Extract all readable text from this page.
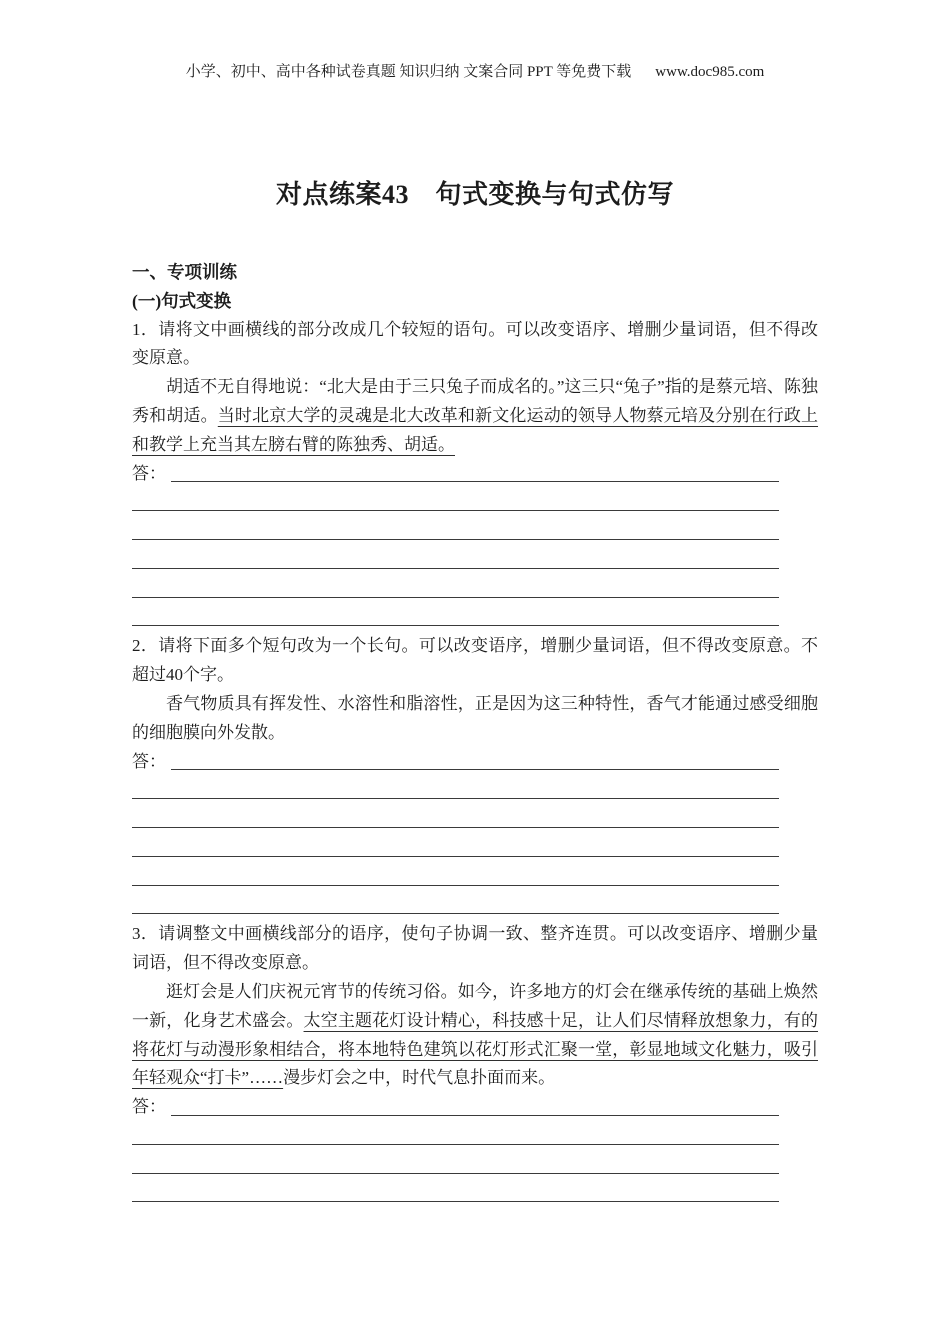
小学、初中、高中各种试卷真题 知识归纳 文案合同 PPT 等免费下载 www.doc985.com
对点练案43　句式变换与句式仿写
一、专项训练
(一)句式变换

1．请将文中画横线的部分改成几个较短的语句。可以改变语序、增删少量词语，但不得改变原意。

胡适不无自得地说：“北大是由于三只兔子而成名的。”这三只“兔子”指的是蔡元培、陈独秀和胡适。当时北京大学的灵魂是北大改革和新文化运动的领导人物蔡元培及分别在行政上和教学上充当其左膀右臂的陈独秀、胡适。

答：

2．请将下面多个短句改为一个长句。可以改变语序，增删少量词语，但不得改变原意。不超过40个字。

香气物质具有挥发性、水溶性和脂溶性，正是因为这三种特性，香气才能通过感受细胞的细胞膜向外发散。

答：

3．请调整文中画横线部分的语序，使句子协调一致、整齐连贯。可以改变语序、增删少量词语，但不得改变原意。

逛灯会是人们庆祝元宵节的传统习俗。如今，许多地方的灯会在继承传统的基础上焕然一新，化身艺术盛会。太空主题花灯设计精心，科技感十足，让人们尽情释放想象力，有的将花灯与动漫形象相结合，将本地特色建筑以花灯形式汇聚一堂，彰显地域文化魅力，吸引年轻观众“打卡”……漫步灯会之中，时代气息扑面而来。

答：
